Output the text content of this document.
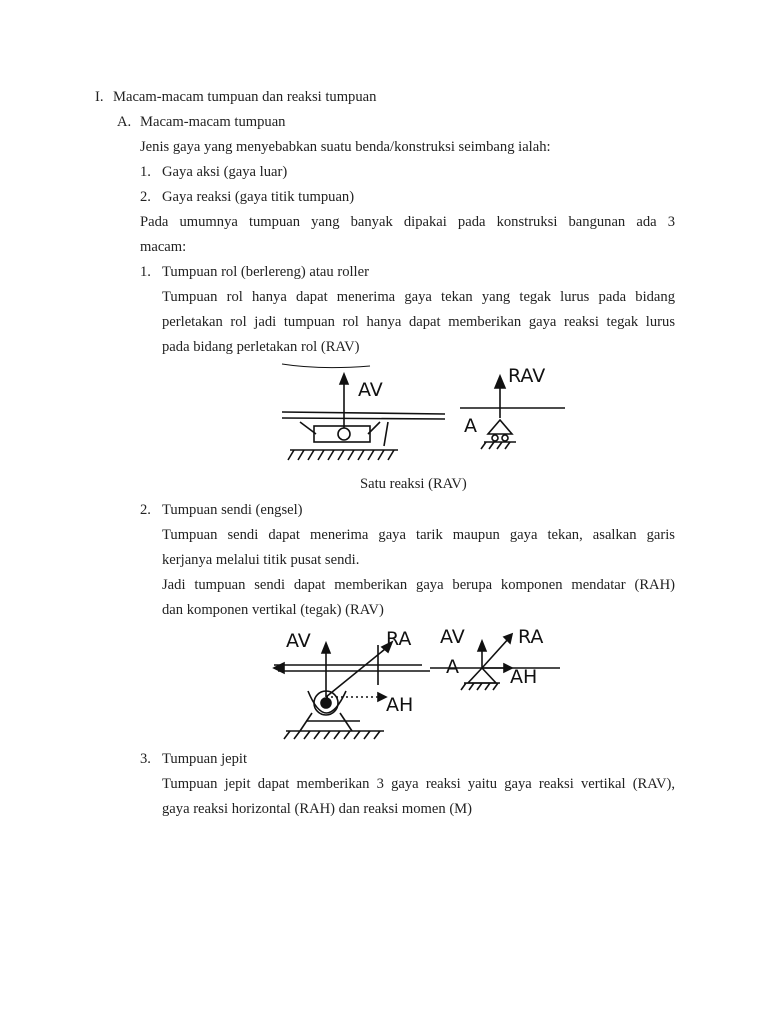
I. Macam-macam tumpuan dan reaksi tumpuan
A. Macam-macam tumpuan
Jenis gaya yang menyebabkan suatu benda/konstruksi seimbang ialah:
1. Gaya aksi (gaya luar)
2. Gaya reaksi (gaya titik tumpuan)
Pada umumnya tumpuan yang banyak dipakai pada konstruksi bangunan ada 3
macam:
1. Tumpuan rol (berlereng) atau roller
Tumpuan rol hanya dapat menerima gaya tekan yang tegak lurus pada bidang
perletakan rol jadi tumpuan rol hanya dapat memberikan gaya reaksi tegak lurus
pada bidang perletakan rol (RAV)
AV
RAV
A
Satu reaksi (RAV)
2. Tumpuan sendi (engsel)
Tumpuan sendi dapat menerima gaya tarik maupun gaya tekan, asalkan garis
kerjanya melalui titik pusat sendi.
Jadi tumpuan sendi dapat memberikan gaya berupa komponen mendatar (RAH)
dan komponen vertikal (tegak) (RAV)
AV	RA
AH
AV	RA
A	AH
3. Tumpuan jepit
Tumpuan jepit dapat memberikan 3 gaya reaksi yaitu gaya reaksi vertikal (RAV),
gaya reaksi horizontal (RAH) dan reaksi momen (M)
